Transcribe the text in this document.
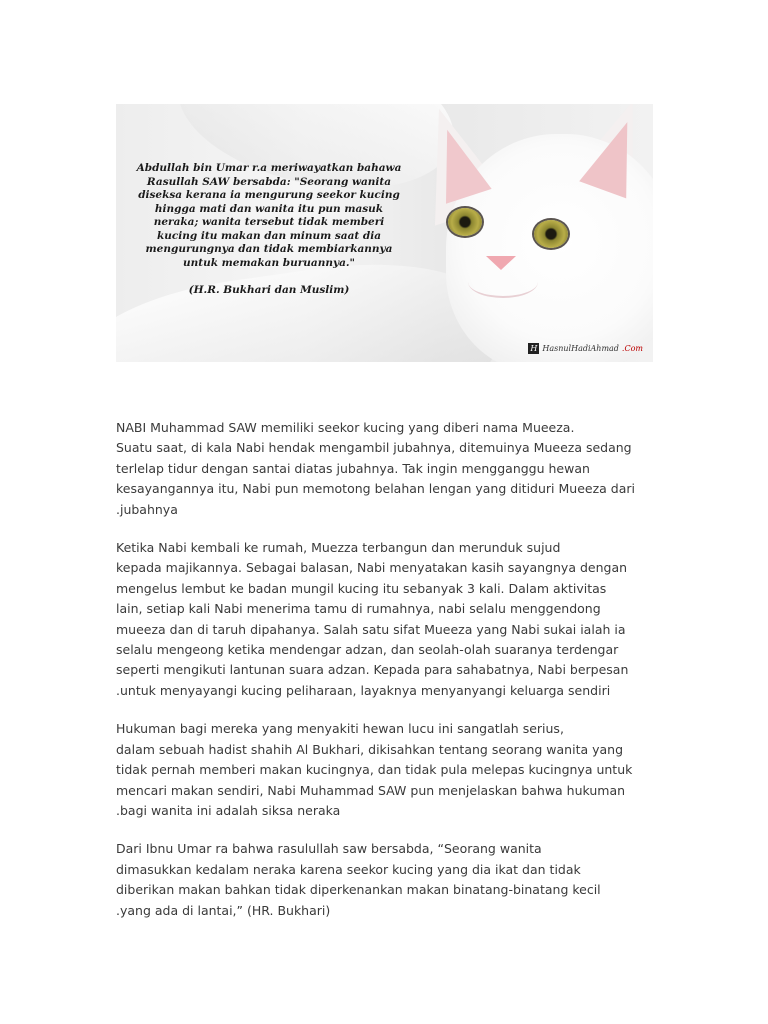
Abdullah bin Umar r.a meriwayatkan bahawa Rasullah SAW bersabda: "Seorang wanita diseksa kerana ia mengurung seekor kucing hingga mati dan wanita itu pun masuk neraka; wanita tersebut tidak memberi kucing itu makan dan minum saat dia mengurungnya dan tidak membiarkannya untuk memakan buruannya."
(H.R. Bukhari dan Muslim)
H HasnulHadiAhmad .Com

NABI Muhammad SAW memiliki seekor kucing yang diberi nama Mueeza.
Suatu saat, di kala Nabi hendak mengambil jubahnya, ditemuinya Mueeza sedang
terlelap tidur dengan santai diatas jubahnya. Tak ingin mengganggu hewan
kesayangannya itu, Nabi pun memotong belahan lengan yang ditiduri Mueeza dari
.jubahnya

Ketika Nabi kembali ke rumah, Muezza terbangun dan merunduk sujud
kepada majikannya. Sebagai balasan, Nabi menyatakan kasih sayangnya dengan
mengelus lembut ke badan mungil kucing itu sebanyak 3 kali. Dalam aktivitas
lain, setiap kali Nabi menerima tamu di rumahnya, nabi selalu menggendong
mueeza dan di taruh dipahanya. Salah satu sifat Mueeza yang Nabi sukai ialah ia
selalu mengeong ketika mendengar adzan, dan seolah-olah suaranya terdengar
seperti mengikuti lantunan suara adzan. Kepada para sahabatnya, Nabi berpesan
.untuk menyayangi kucing peliharaan, layaknya menyanyangi keluarga sendiri

Hukuman bagi mereka yang menyakiti hewan lucu ini sangatlah serius,
dalam sebuah hadist shahih Al Bukhari, dikisahkan tentang seorang wanita yang
tidak pernah memberi makan kucingnya, dan tidak pula melepas kucingnya untuk
mencari makan sendiri, Nabi Muhammad SAW pun menjelaskan bahwa hukuman
.bagi wanita ini adalah siksa neraka

Dari Ibnu Umar ra bahwa rasulullah saw bersabda, “Seorang wanita
dimasukkan kedalam neraka karena seekor kucing yang dia ikat dan tidak
diberikan makan bahkan tidak diperkenankan makan binatang-binatang kecil
.yang ada di lantai,” (HR. Bukhari)
